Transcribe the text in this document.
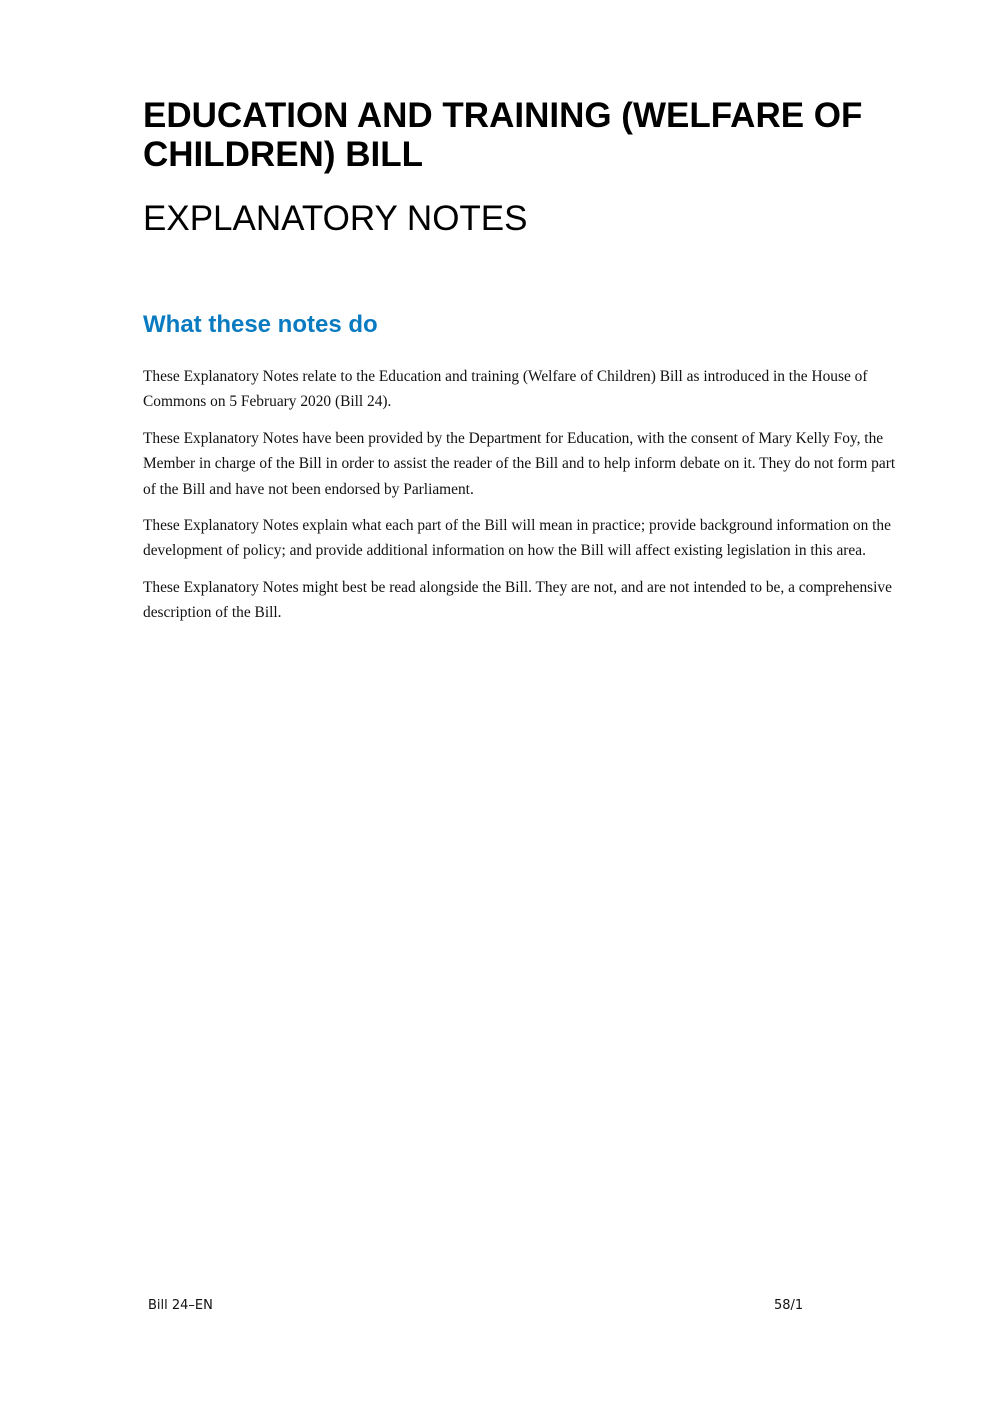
EDUCATION AND TRAINING (WELFARE OF CHILDREN) BILL
EXPLANATORY NOTES
What these notes do

These Explanatory Notes relate to the Education and training (Welfare of Children) Bill as introduced in the House of Commons on 5 February 2020 (Bill 24).

These Explanatory Notes have been provided by the Department for Education, with the consent of Mary Kelly Foy, the Member in charge of the Bill in order to assist the reader of the Bill and to help inform debate on it. They do not form part of the Bill and have not been endorsed by Parliament.

These Explanatory Notes explain what each part of the Bill will mean in practice; provide background information on the development of policy; and provide additional information on how the Bill will affect existing legislation in this area.

These Explanatory Notes might best be read alongside the Bill. They are not, and are not intended to be, a comprehensive description of the Bill.

Bill 24–EN	58/1
